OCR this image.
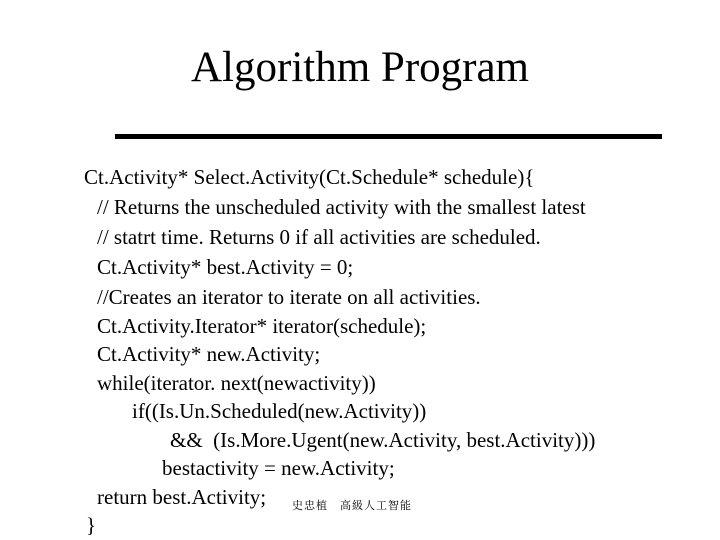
Algorithm Program
Ct.Activity* Select.Activity(Ct.Schedule* schedule){
// Returns the unscheduled activity with the smallest latest
// statrt time. Returns 0 if all activities are scheduled.
Ct.Activity* best.Activity = 0;
//Creates an iterator to iterate on all activities.
Ct.Activity.Iterator* iterator(schedule);
Ct.Activity* new.Activity;
while(iterator. next(newactivity))
if((Is.Un.Scheduled(new.Activity))
&&  (Is.More.Ugent(new.Activity, best.Activity)))
bestactivity = new.Activity;
return best.Activity;
}
史忠植　高級人工智能
